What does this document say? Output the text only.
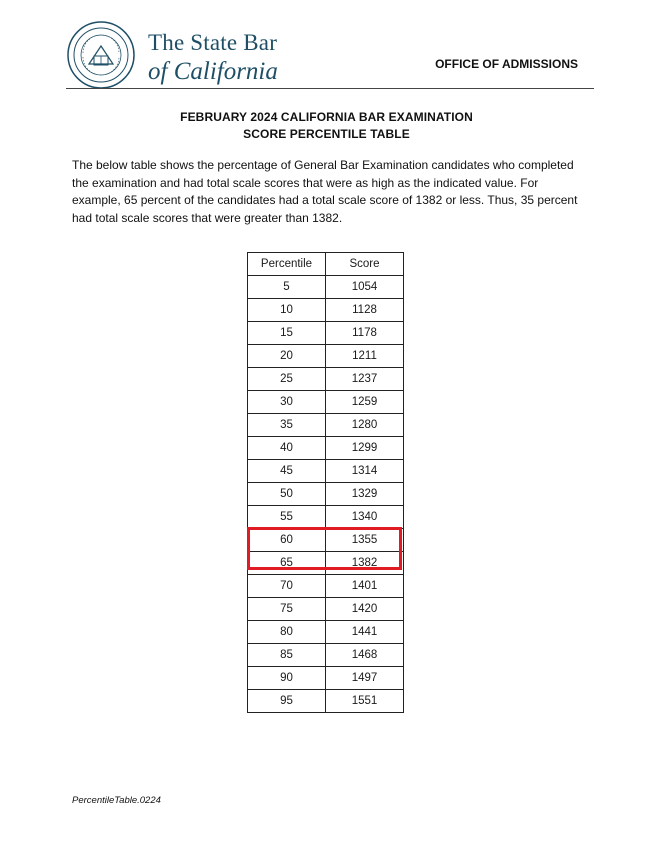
The State Bar
of California	OFFICE OF ADMISSIONS
FEBRUARY 2024 CALIFORNIA BAR EXAMINATION
SCORE PERCENTILE TABLE
The below table shows the percentage of General Bar Examination candidates who completed
the examination and had total scale scores that were as high as the indicated value. For
example, 65 percent of the candidates had a total scale score of 1382 or less. Thus, 35 percent
had total scale scores that were greater than 1382.
Percentile	Score
5	1054
10	1128
15	1178
20	1211
25	1237
30	1259
35	1280
40	1299
45	1314
50	1329
55	1340
60	1355
65	1382
70	1401
75	1420
80	1441
85	1468
90	1497
95	1551
PercentileTable.0224
